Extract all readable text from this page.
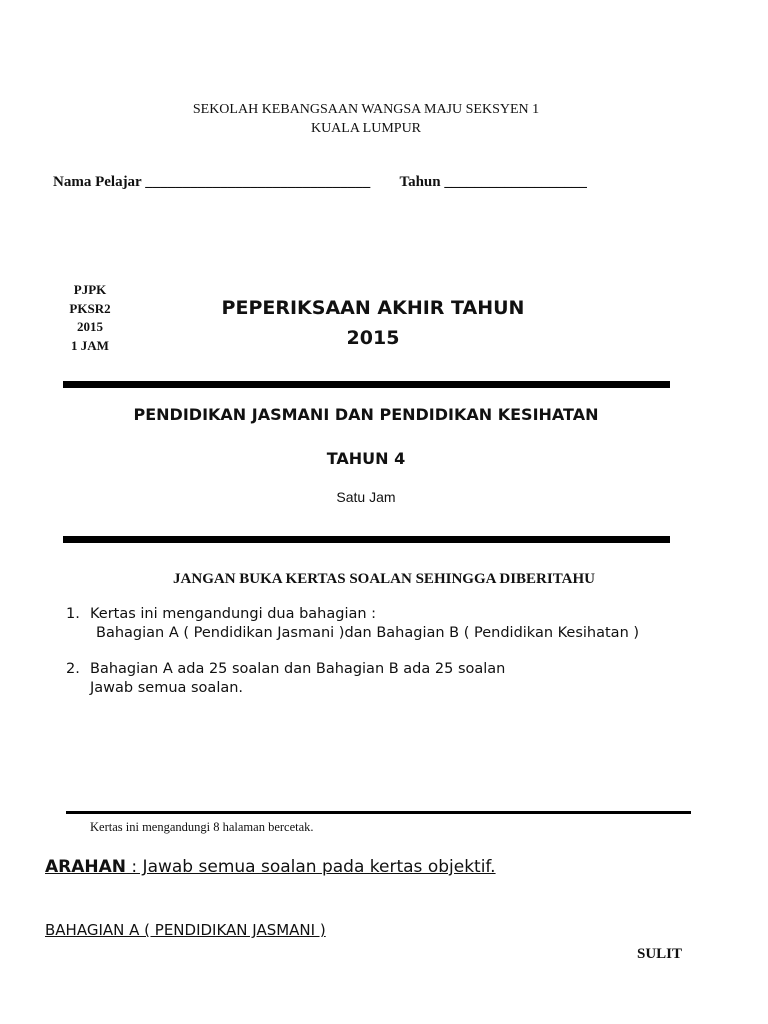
SEKOLAH KEBANGSAAN WANGSA MAJU SEKSYEN 1
KUALA LUMPUR
Nama Pelajar ______________________________ Tahun ___________________
PJPK
PKSR2
2015
1 JAM
PEPERIKSAAN AKHIR TAHUN
2015
PENDIDIKAN JASMANI DAN PENDIDIKAN KESIHATAN
TAHUN 4
Satu Jam
JANGAN BUKA KERTAS SOALAN SEHINGGA DIBERITAHU
1. Kertas ini mengandungi dua bahagian :
Bahagian A ( Pendidikan Jasmani )dan Bahagian B ( Pendidikan Kesihatan )
2. Bahagian A ada 25 soalan dan Bahagian B ada 25 soalan
Jawab semua soalan.
Kertas ini mengandungi 8 halaman bercetak.
ARAHAN : Jawab semua soalan pada kertas objektif.
BAHAGIAN A ( PENDIDIKAN JASMANI )
SULIT
